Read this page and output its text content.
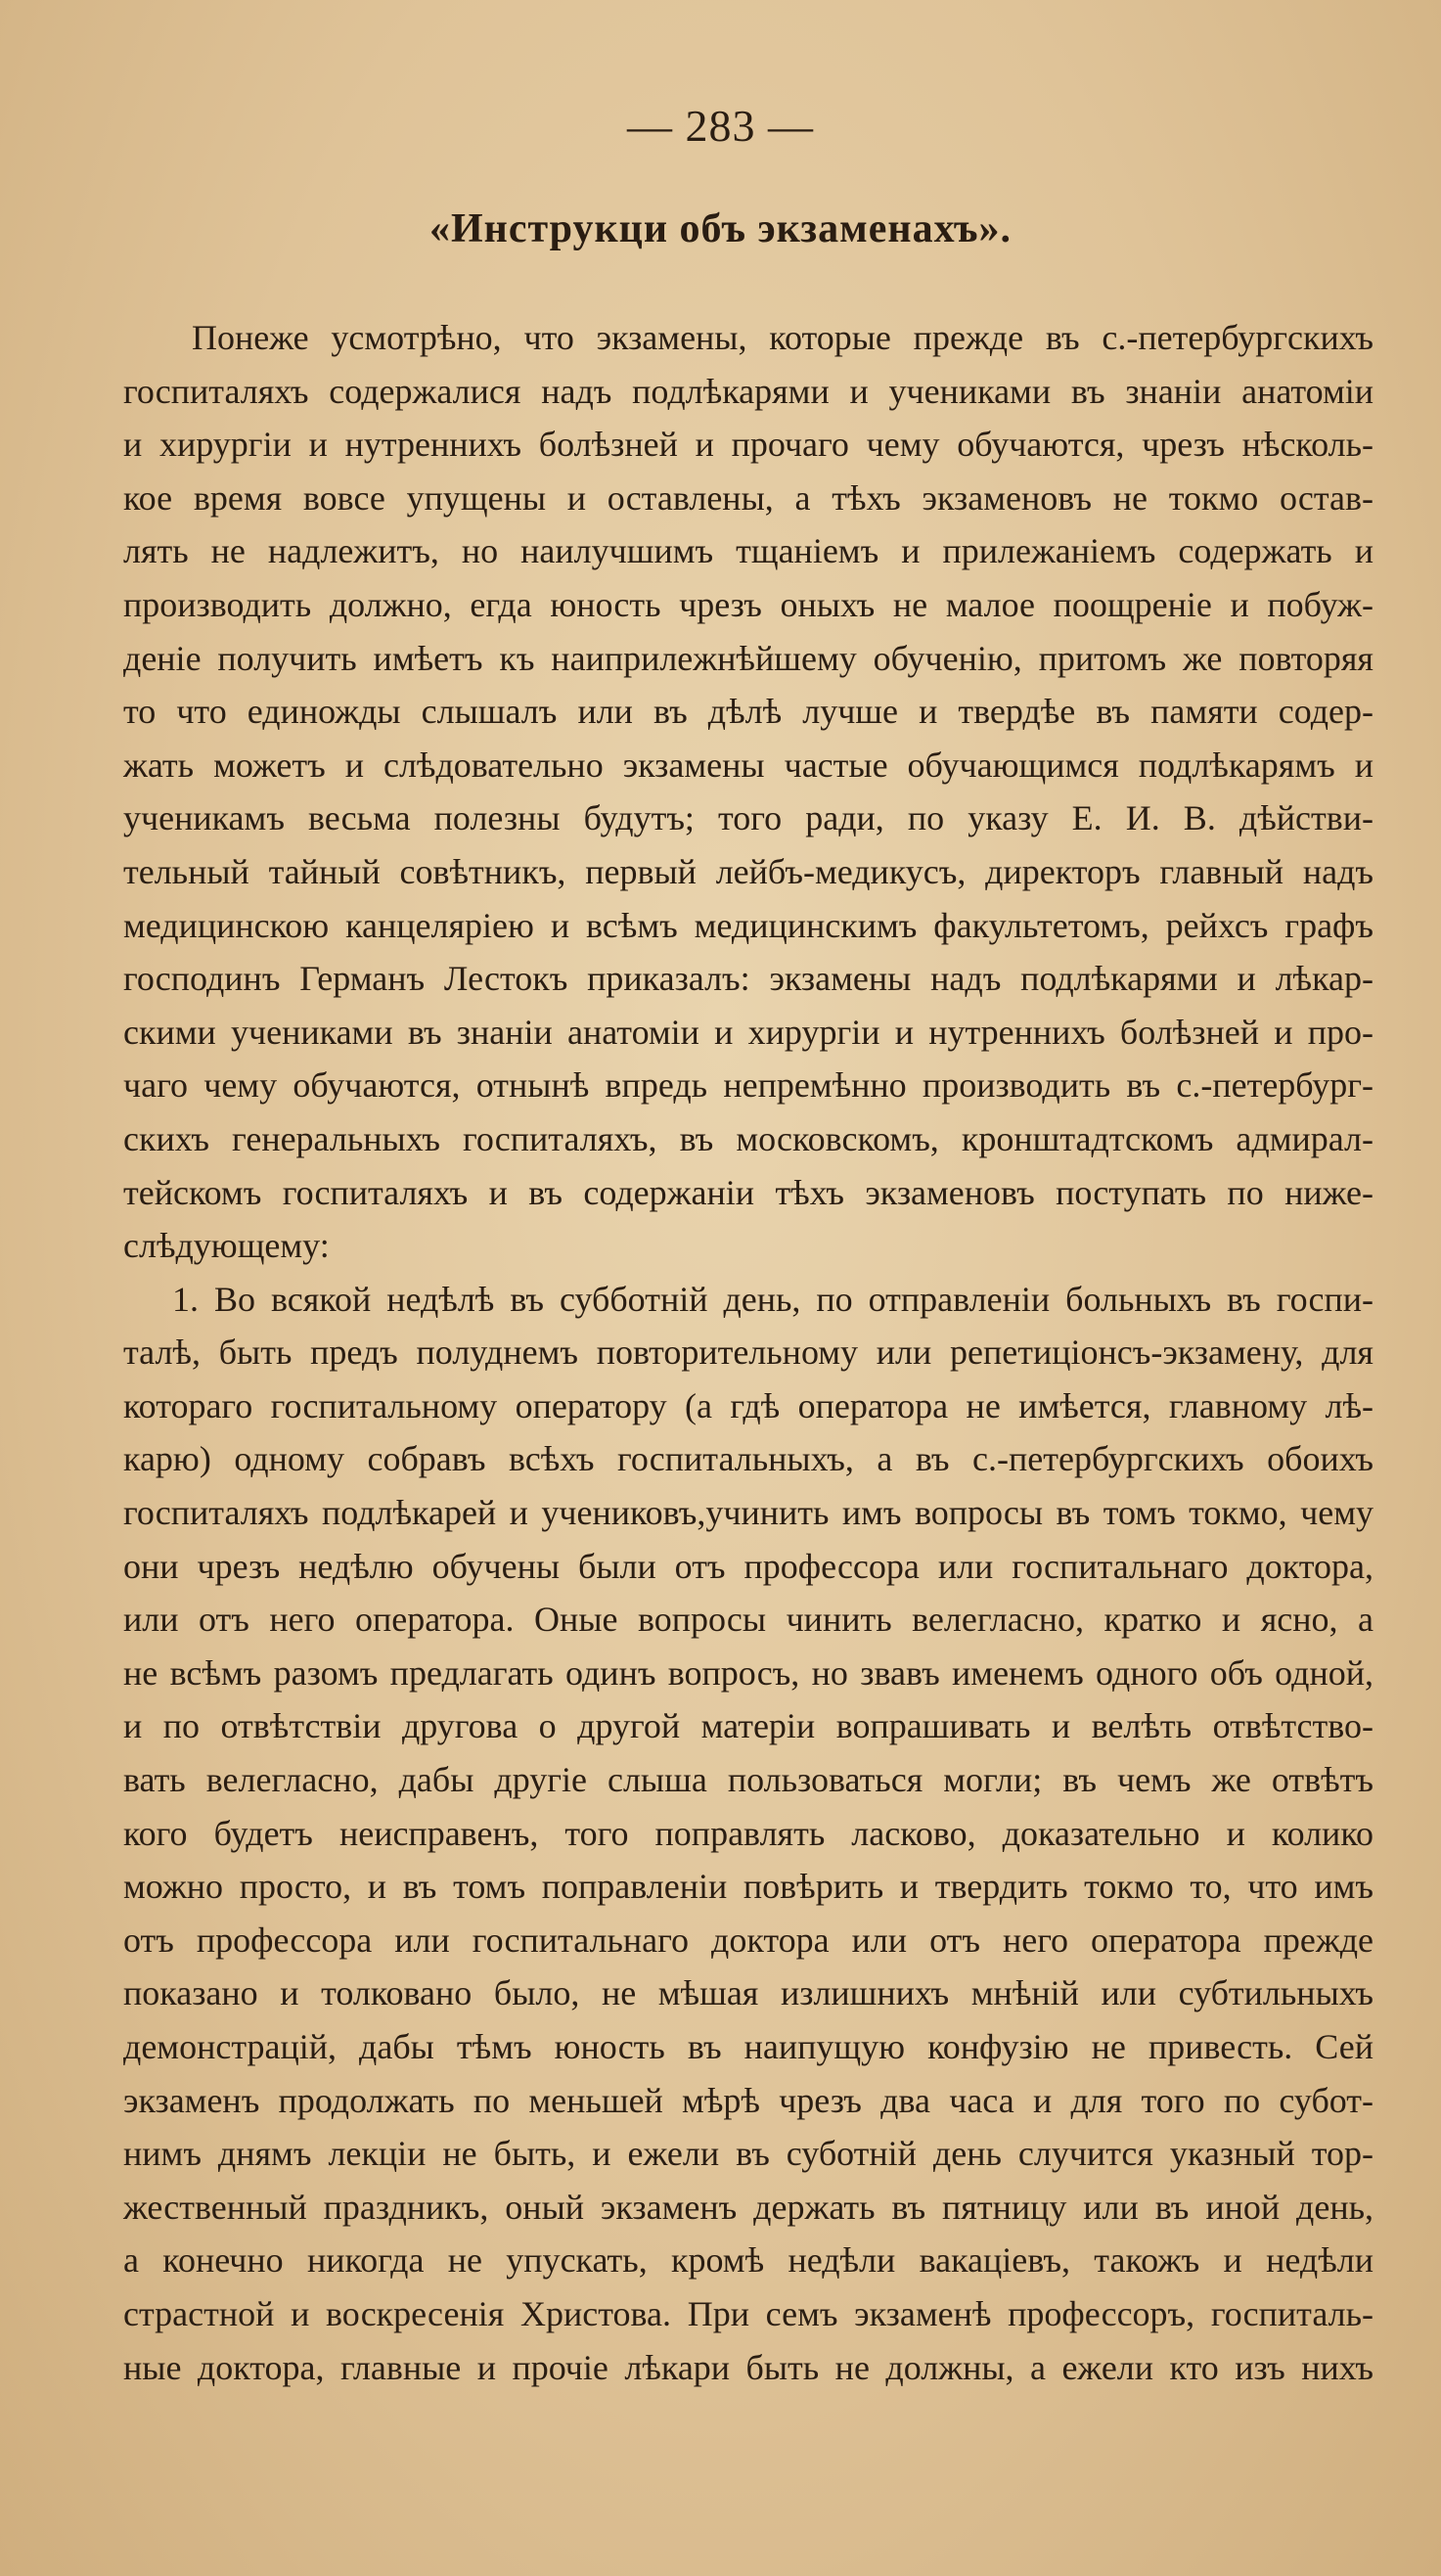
— 283 —
«Инструкци объ экзаменахъ».
Понеже усмотрѣно, что экзамены, которые прежде въ с.-петербургскихъ
госпиталяхъ содержалися надъ подлѣкарями и учениками въ знанiи анатомiи
и хирургiи и нутреннихъ болѣзней и прочаго чему обучаются, чрезъ нѣсколь-
кое время вовсе упущены и оставлены, а тѣхъ экзаменовъ не токмо остав-
лять не надлежитъ, но наилучшимъ тщанiемъ и прилежанiемъ содержать и
производить должно, егда юность чрезъ оныхъ не малое поощренiе и побуж-
денiе получить имѣетъ къ наиприлежнѣйшему обученiю, притомъ же повторяя
то что единожды слышалъ или въ дѣлѣ лучше и твердѣе въ памяти содер-
жать можетъ и слѣдовательно экзамены частые обучающимся подлѣкарямъ и
ученикамъ весьма полезны будутъ; того ради, по указу Е. И. В. дѣйстви-
тельный тайный совѣтникъ, первый лейбъ-медикусъ, директоръ главный надъ
медицинскою канцелярiею и всѣмъ медицинскимъ факультетомъ, рейхсъ графъ
господинъ Германъ Лестокъ приказалъ: экзамены надъ подлѣкарями и лѣкар-
скими учениками въ знанiи анатомiи и хирургiи и нутреннихъ болѣзней и про-
чаго чему обучаются, отнынѣ впредь непремѣнно производить въ с.-петербург-
скихъ генеральныхъ госпиталяхъ, въ московскомъ, кронштадтскомъ адмирал-
тейскомъ госпиталяхъ и въ содержанiи тѣхъ экзаменовъ поступать по ниже-
слѣдующему:
1. Во всякой недѣлѣ въ субботнiй день, по отправленiи больныхъ въ госпи-
талѣ, быть предъ полуднемъ повторительному или репетицiонсъ-экзамену, для
котораго госпитальному оператору (а гдѣ оператора не имѣется, главному лѣ-
карю) одному собравъ всѣхъ госпитальныхъ, а въ с.-петербургскихъ обоихъ
госпиталяхъ подлѣкарей и учениковъ,учинить имъ вопросы въ томъ токмо, чему
они чрезъ недѣлю обучены были отъ профессора или госпитальнаго доктора,
или отъ него оператора. Оные вопросы чинить велегласно, кратко и ясно, а
не всѣмъ разомъ предлагать одинъ вопросъ, но звавъ именемъ одного объ одной,
и по отвѣтствiи другова о другой матерiи вопрашивать и велѣть отвѣтство-
вать велегласно, дабы другiе слыша пользоваться могли; въ чемъ же отвѣтъ
кого будетъ неисправенъ, того поправлять ласково, доказательно и колико
можно просто, и въ томъ поправленiи повѣрить и твердить токмо то, что имъ
отъ профессора или госпитальнаго доктора или отъ него оператора прежде
показано и толковано было, не мѣшая излишнихъ мнѣнiй или субтильныхъ
демонстрацiй, дабы тѣмъ юность въ наипущую конфузiю не привесть. Сей
экзаменъ продолжать по меньшей мѣрѣ чрезъ два часа и для того по субот-
нимъ днямъ лекцiи не быть, и ежели въ суботнiй день случится указный тор-
жественный праздникъ, оный экзаменъ держать въ пятницу или въ иной день,
а конечно никогда не упускать, кромѣ недѣли вакацiевъ, такожъ и недѣли
страстной и воскресенiя Христова. При семъ экзаменѣ профессоръ, госпиталь-
ные доктора, главные и прочiе лѣкари быть не должны, а ежели кто изъ нихъ
